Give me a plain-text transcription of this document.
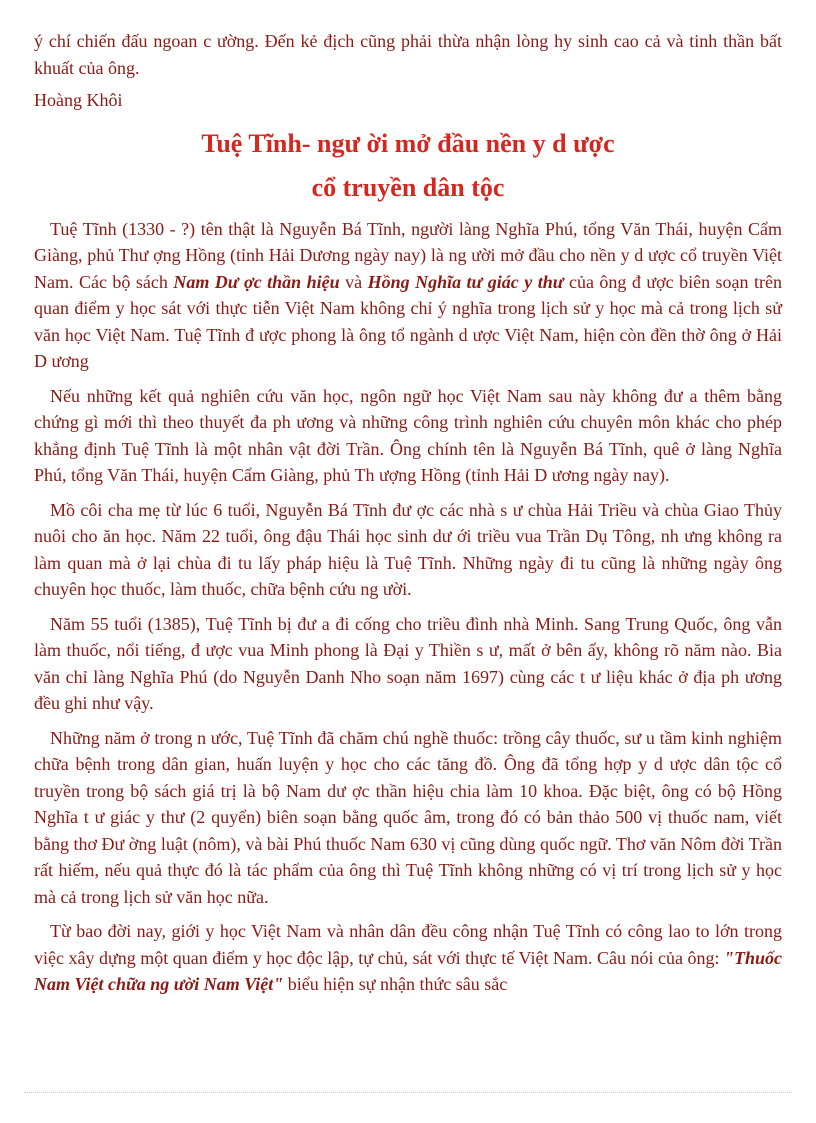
ý chí chiến đấu ngoan c ường. Đến kẻ địch cũng phải thừa nhận lòng hy sinh cao cả và tinh thần bất khuất của ông.

Hoàng Khôi

Tuệ Tĩnh- ngư ời mở đầu nền y d ược
cổ truyền dân tộc

Tuệ Tĩnh (1330 - ?) tên thật là Nguyễn Bá Tĩnh, người làng Nghĩa Phú, tổng Văn Thái, huyện Cẩm Giàng, phủ Thư ợng Hồng (tỉnh Hải Dương ngày nay) là ng ười mở đầu cho nền y d ược cổ truyền Việt Nam. Các bộ sách Nam Dư ợc thần hiệu và Hồng Nghĩa tư giác y thư của ông đ ược biên soạn trên quan điểm y học sát với thực tiễn Việt Nam không chỉ ý nghĩa trong lịch sử y học mà cả trong lịch sử văn học Việt Nam. Tuệ Tĩnh đ ược phong là ông tổ ngành d ược Việt Nam, hiện còn đền thờ ông ở Hải D ương

Nếu những kết quả nghiên cứu văn học, ngôn ngữ học Việt Nam sau này không đư a thêm bằng chứng gì mới thì theo thuyết đa ph ương và những công trình nghiên cứu chuyên môn khác cho phép khẳng định Tuệ Tĩnh là một nhân vật đời Trần. Ông chính tên là Nguyễn Bá Tĩnh, quê ở làng Nghĩa Phú, tổng Văn Thái, huyện Cẩm Giàng, phủ Th ượng Hồng (tỉnh Hải D ương ngày nay).

Mồ côi cha mẹ từ lúc 6 tuổi, Nguyễn Bá Tĩnh đư ợc các nhà s ư chùa Hải Triều và chùa Giao Thủy nuôi cho ăn học. Năm 22 tuổi, ông đậu Thái học sinh dư ới triều vua Trần Dụ Tông, nh ưng không ra làm quan mà ở lại chùa đi tu lấy pháp hiệu là Tuệ Tĩnh. Những ngày đi tu cũng là những ngày ông chuyên học thuốc, làm thuốc, chữa bệnh cứu ng ười.

Năm 55 tuổi (1385), Tuệ Tĩnh bị đư a đi cống cho triều đình nhà Minh. Sang Trung Quốc, ông vẫn làm thuốc, nổi tiếng, đ ược vua Minh phong là Đại y Thiền s ư, mất ở bên ấy, không rõ năm nào. Bia văn chỉ làng Nghĩa Phú (do Nguyễn Danh Nho soạn năm 1697) cùng các t ư liệu khác ở địa ph ương đều ghi như vậy.

Những năm ở trong n ước, Tuệ Tĩnh đã chăm chú nghề thuốc: trồng cây thuốc, sư u tầm kinh nghiệm chữa bệnh trong dân gian, huấn luyện y học cho các tăng đồ. Ông đã tổng hợp y d ược dân tộc cổ truyền trong bộ sách giá trị là bộ Nam dư ợc thần hiệu chia làm 10 khoa. Đặc biệt, ông có bộ Hồng Nghĩa t ư giác y thư (2 quyển) biên soạn bằng quốc âm, trong đó có bản thảo 500 vị thuốc nam, viết bằng thơ Đư ờng luật (nôm), và bài Phú thuốc Nam 630 vị cũng dùng quốc ngữ. Thơ văn Nôm đời Trần rất hiếm, nếu quả thực đó là tác phẩm của ông thì Tuệ Tĩnh không những có vị trí trong lịch sử y học mà cả trong lịch sử văn học nữa.

Từ bao đời nay, giới y học Việt Nam và nhân dân đều công nhận Tuệ Tĩnh có công lao to lớn trong việc xây dựng một quan điểm y học độc lập, tự chủ, sát với thực tế Việt Nam. Câu nói của ông: "Thuốc Nam Việt chữa ng ười Nam Việt" biểu hiện sự nhận thức sâu sắc
